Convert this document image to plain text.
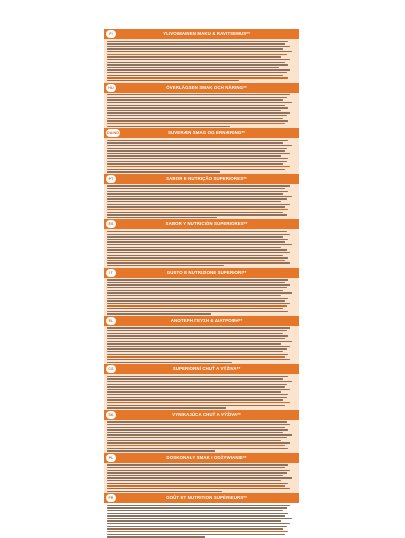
FI	YLIVOIMAINEN MAKU & RAVITSEMUS**
HU	ÖVERLÄGSEN SMAK OCH NÄRING**
DA/NO	SUVERÆN SMAG OG ERNÆRING**
PT	SABOR E NUTRIÇÃO SUPERIORES**
ES	SABOR Y NUTRICIÓN SUPERIORES**
IT	GUSTO E NUTRIZIONE SUPERIORI**
EL	ΑΝΩΤΕΡΗ ΓΕΥΣΗ & ΔΙΑΤΡΟΦΗ**
CS	SUPERIORNÍ CHUŤ A VÝŽIVA**
SK	VYNIKAJÚCA CHUŤ A VÝŽIVA**
PL	DOSKONAŁY SMAK I ODŻYWIANIE**
FR	GOÛT ET NUTRITION SUPÉRIEURS**
